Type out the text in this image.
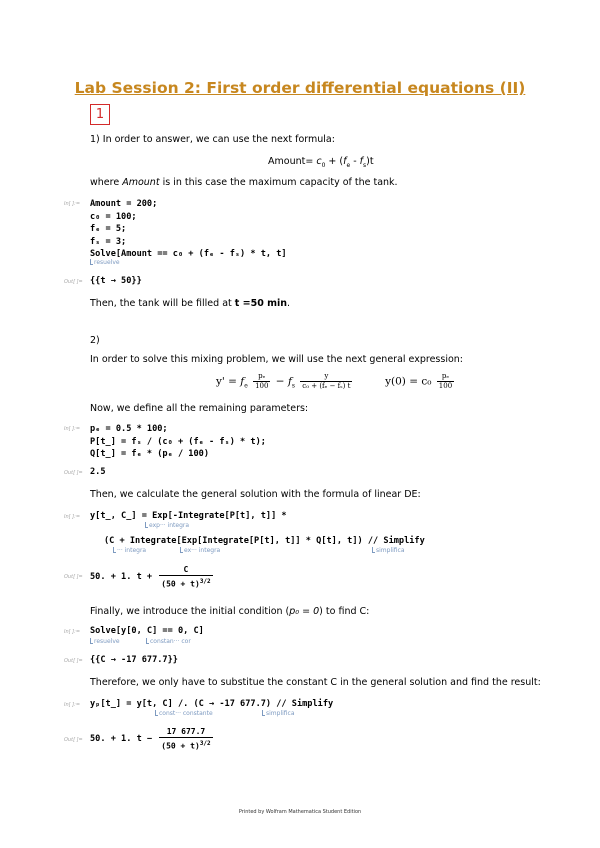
Lab Session 2: First order differential equations (II)
1
1) In order to answer, we can use the next formula:
Amount= $c_0 + (f_e - f_s)t$
where Amount is in this case the maximum capacity of the tank.
In[ ]:= Amount = 200;
c₀ = 100;
fₑ = 5;
fₛ = 3;
Solve[Amount == c₀ + (fₑ - fₛ) * t, t]
resuelve
Out[ ]= {{t → 50}}
Then, the tank will be filled at t =50 min.
2)
In order to solve this mixing problem, we will use the next general expression:
$y' = f_e \frac{\text{pₑ}}{100} - f_s \frac{y}{\text{c₀ + (fₑ − fₛ) t}}$	$y(0) = c_0 \frac{\text{pₑ}}{100}$
Now, we define all the remaining parameters:
In[ ]:= pₑ = 0.5 * 100;
P[t_] = fₛ / (c₀ + (fₑ - fₛ) * t);
Q[t_] = fₑ * (pₑ / 100)
Out[ ]= 2.5
Then, we calculate the general solution with the formula of linear DE:
In[ ]:= y[t_, C_] = Exp[-Integrate[P[t], t]] *
exp··· integra
(C + Integrate[Exp[Integrate[P[t], t]] * Q[t], t]) // Simplify
··· integra	ex··· integra	simplifica
Out[ ]= 50. + 1. $t + \frac{C}{(50 + t)^{3/2}}$
Finally, we introduce the initial condition (p₀ = 0) to find C:
In[ ]:= Solve[y[0, C] == 0, C]
resuelve	constan··· cor
Out[ ]= {{C → -17 677.7}}
Therefore, we only have to substitue the constant C in the general solution and find the result:
In[ ]:= yₚ[t_] = y[t, C] /. (C → -17 677.7) // Simplify
const··· constante	simplifica
Out[ ]= 50. + 1. $t - \frac{17 677.7}{(50 + t)^{3/2}}$
Printed by Wolfram Mathematica Student Edition
